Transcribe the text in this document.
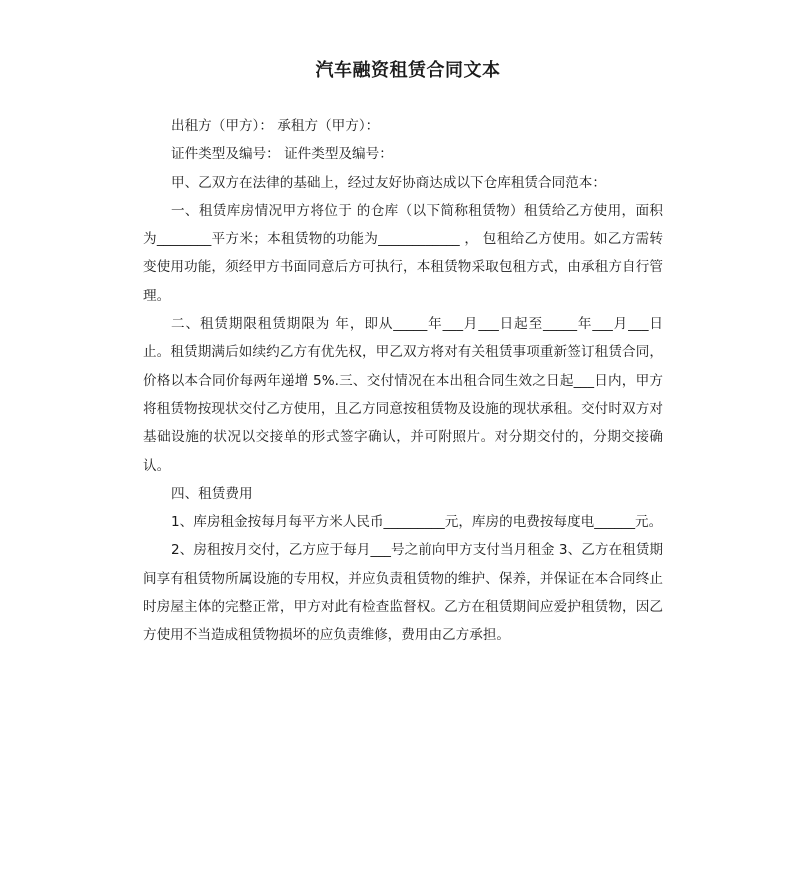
汽车融资租赁合同文本

出租方（甲方）： 承租方（甲方）：

证件类型及编号： 证件类型及编号：

甲、乙双方在法律的基础上，经过友好协商达成以下仓库租赁合同范本：

一、租赁库房情况甲方将位于 的仓库（以下简称租赁物）租赁给乙方使用，面积为________平方米；本租赁物的功能为____________ ， 包租给乙方使用。如乙方需转变使用功能，须经甲方书面同意后方可执行，本租赁物采取包租方式，由承租方自行管理。

二、租赁期限租赁期限为 年，即从_____年___月___日起至_____年___月___日止。租赁期满后如续约乙方有优先权，甲乙双方将对有关租赁事项重新签订租赁合同，价格以本合同价每两年递增 5%.三、交付情况在本出租合同生效之日起___日内，甲方将租赁物按现状交付乙方使用，且乙方同意按租赁物及设施的现状承租。交付时双方对基础设施的状况以交接单的形式签字确认，并可附照片。对分期交付的，分期交接确认。

四、租赁费用

1、库房租金按每月每平方米人民币_________元，库房的电费按每度电______元。

2、房租按月交付，乙方应于每月___号之前向甲方支付当月租金 3、乙方在租赁期间享有租赁物所属设施的专用权，并应负责租赁物的维护、保养，并保证在本合同终止时房屋主体的完整正常，甲方对此有检查监督权。乙方在租赁期间应爱护租赁物，因乙方使用不当造成租赁物损坏的应负责维修，费用由乙方承担。
